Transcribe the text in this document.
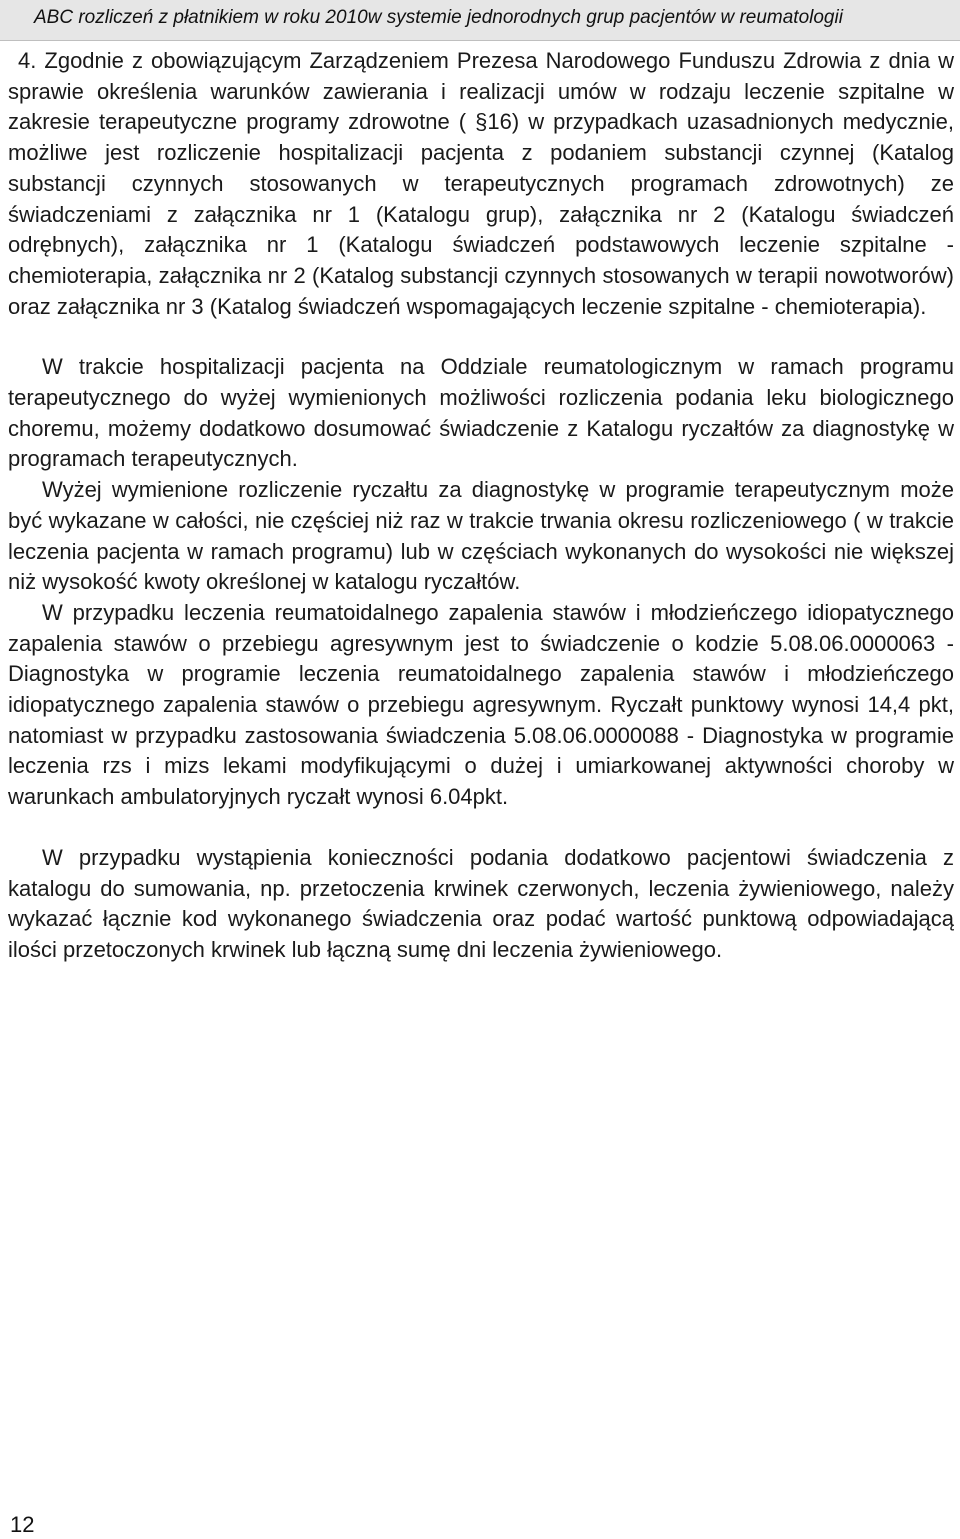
ABC rozliczeń z płatnikiem w roku 2010w systemie jednorodnych grup pacjentów w reumatologii

4. Zgodnie z obowiązującym Zarządzeniem Prezesa Narodowego Funduszu Zdrowia z dnia w sprawie określenia warunków zawierania i realizacji umów w rodzaju leczenie szpitalne w zakresie terapeutyczne programy zdrowotne ( §16) w przypadkach uzasadnionych medycznie, możliwe jest rozliczenie hospitalizacji pacjenta z podaniem substancji czynnej (Katalog substancji czynnych stosowanych w terapeutycznych programach zdrowotnych) ze świadczeniami z załącznika nr 1 (Katalogu grup), załącznika nr 2 (Katalogu świadczeń odrębnych), załącznika nr 1 (Katalogu świadczeń podstawowych leczenie szpitalne - chemioterapia, załącznika nr 2 (Katalog substancji czynnych stosowanych w terapii nowotworów) oraz załącznika nr 3 (Katalog świadczeń wspomagających leczenie szpitalne - chemioterapia).

W trakcie hospitalizacji pacjenta na Oddziale reumatologicznym w ramach programu terapeutycznego do wyżej wymienionych możliwości rozliczenia podania leku biologicznego choremu, możemy dodatkowo dosumować świadczenie z Katalogu ryczałtów za diagnostykę w programach terapeutycznych.

Wyżej wymienione rozliczenie ryczałtu za diagnostykę w programie terapeutycznym może być wykazane w całości, nie częściej niż raz w trakcie trwania okresu rozliczeniowego ( w trakcie leczenia pacjenta w ramach programu) lub w częściach wykonanych do wysokości nie większej niż wysokość kwoty określonej w katalogu ryczałtów.

W przypadku leczenia reumatoidalnego zapalenia stawów i młodzieńczego idiopatycznego zapalenia stawów o przebiegu agresywnym jest to świadczenie o kodzie 5.08.06.0000063 - Diagnostyka w programie leczenia reumatoidalnego zapalenia stawów i młodzieńczego idiopatycznego zapalenia stawów o przebiegu agresywnym. Ryczałt punktowy wynosi 14,4 pkt, natomiast w przypadku zastosowania świadczenia 5.08.06.0000088 - Diagnostyka w programie leczenia rzs i mizs lekami modyfikującymi o dużej i umiarkowanej aktywności choroby w warunkach ambulatoryjnych ryczałt wynosi 6.04pkt.

W przypadku wystąpienia konieczności podania dodatkowo pacjentowi świadczenia z katalogu do sumowania, np. przetoczenia krwinek czerwonych, leczenia żywieniowego, należy wykazać łącznie kod wykonanego świadczenia oraz podać wartość punktową odpowiadającą ilości przetoczonych krwinek lub łączną sumę dni leczenia żywieniowego.

12
